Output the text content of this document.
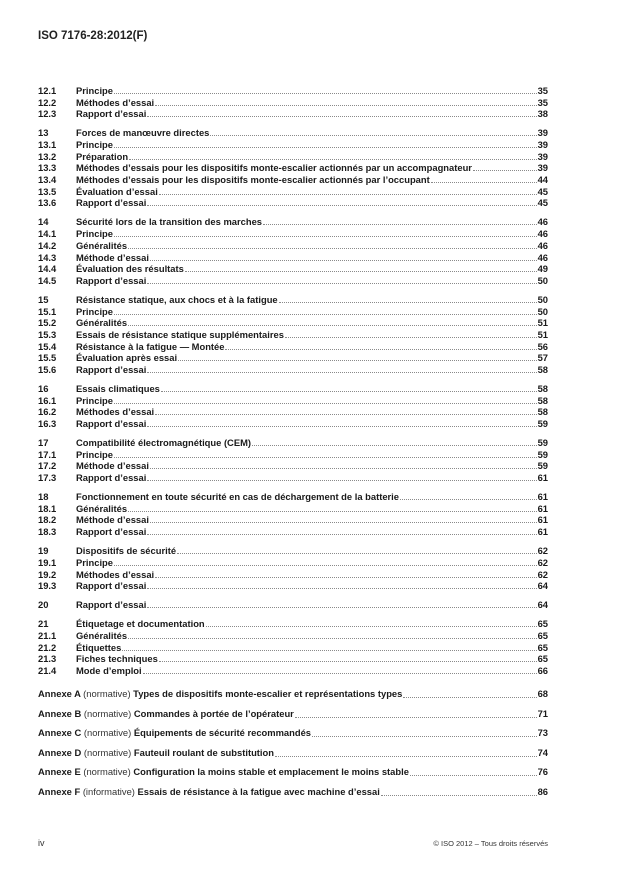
ISO 7176-28:2012(F)
12.1	Principe	35
12.2	Méthodes d’essai	35
12.3	Rapport d’essai	38
13	Forces de manœuvre directes	39
13.1	Principe	39
13.2	Préparation	39
13.3	Méthodes d’essais pour les dispositifs monte-escalier actionnés par un accompagnateur	39
13.4	Méthodes d’essais pour les dispositifs monte-escalier actionnés par l’occupant	44
13.5	Évaluation d’essai	45
13.6	Rapport d’essai	45
14	Sécurité lors de la transition des marches	46
14.1	Principe	46
14.2	Généralités	46
14.3	Méthode d’essai	46
14.4	Évaluation des résultats	49
14.5	Rapport d’essai	50
15	Résistance statique, aux chocs et à la fatigue	50
15.1	Principe	50
15.2	Généralités	51
15.3	Essais de résistance statique supplémentaires	51
15.4	Résistance à la fatigue — Montée	56
15.5	Évaluation après essai	57
15.6	Rapport d’essai	58
16	Essais climatiques	58
16.1	Principe	58
16.2	Méthodes d’essai	58
16.3	Rapport d’essai	59
17	Compatibilité électromagnétique (CEM)	59
17.1	Principe	59
17.2	Méthode d’essai	59
17.3	Rapport d’essai	61
18	Fonctionnement en toute sécurité en cas de déchargement de la batterie	61
18.1	Généralités	61
18.2	Méthode d’essai	61
18.3	Rapport d’essai	61
19	Dispositifs de sécurité	62
19.1	Principe	62
19.2	Méthodes d’essai	62
19.3	Rapport d’essai	64
20	Rapport d’essai	64
21	Étiquetage et documentation	65
21.1	Généralités	65
21.2	Étiquettes	65
21.3	Fiches techniques	65
21.4	Mode d’emploi	66
Annexe A (normative) Types de dispositifs monte-escalier et représentations types	68
Annexe B (normative) Commandes à portée de l’opérateur	71
Annexe C (normative) Équipements de sécurité recommandés	73
Annexe D (normative) Fauteuil roulant de substitution	74
Annexe E (normative) Configuration la moins stable et emplacement le moins stable	76
Annexe F (informative) Essais de résistance à la fatigue avec machine d’essai	86
iv	© ISO 2012 – Tous droits réservés
